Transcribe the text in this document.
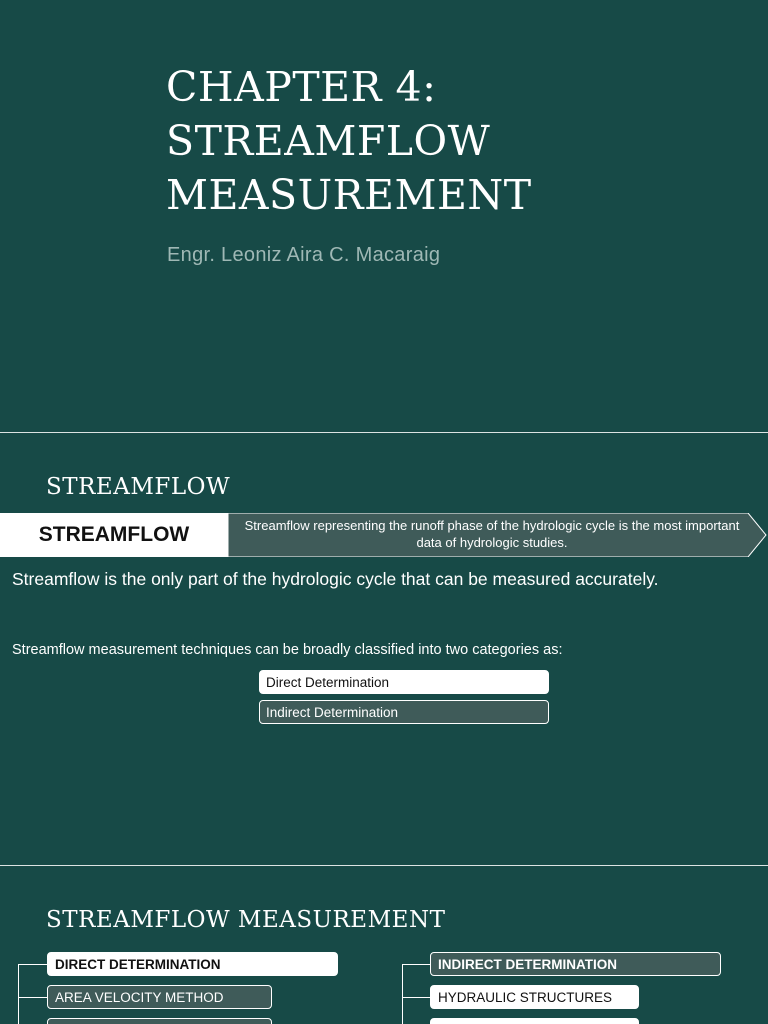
CHAPTER 4:
STREAMFLOW
MEASUREMENT
Engr. Leoniz Aira C. Macaraig
STREAMFLOW
STREAMFLOW	Streamflow representing the runoff phase of the hydrologic cycle is the most important data of hydrologic studies.
Streamflow is the only part of the hydrologic cycle that can be measured accurately.
Streamflow measurement techniques can be broadly classified into two categories as:
Direct Determination
Indirect Determination
STREAMFLOW MEASUREMENT
DIRECT DETERMINATION
AREA VELOCITY METHOD
INDIRECT DETERMINATION
HYDRAULIC STRUCTURES
